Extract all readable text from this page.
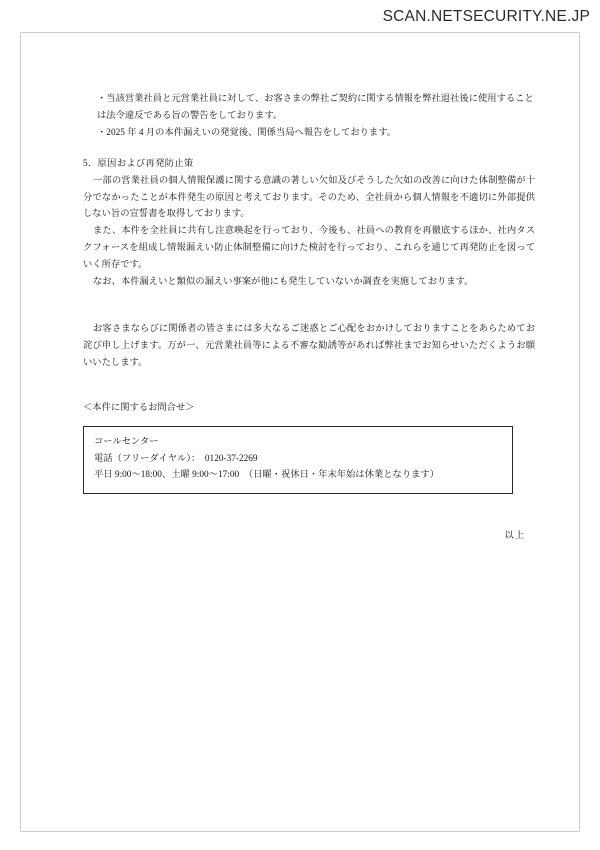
SCAN.NETSECURITY.NE.JP
・当該営業社員と元営業社員に対して、お客さまの弊社ご契約に関する情報を弊社退社後に使用することは法令違反である旨の警告をしております。
・2025 年 4 月の本件漏えいの発覚後、関係当局へ報告をしております。

5．原因および再発防止策

一部の営業社員の個人情報保護に関する意識の著しい欠如及びそうした欠如の改善に向けた体制整備が十分でなかったことが本件発生の原因と考えております。そのため、全社員から個人情報を不適切に外部提供しない旨の宣誓書を取得しております。

また、本件を全社員に共有し注意喚起を行っており、今後も、社員への教育を再徹底するほか、社内タスクフォースを組成し情報漏えい防止体制整備に向けた検討を行っており、これらを通じて再発防止を図っていく所存です。

なお、本件漏えいと類似の漏えい事案が他にも発生していないか調査を実施しております。

お客さまならびに関係者の皆さまには多大なるご迷惑とご心配をおかけしておりますことをあらためてお詫び申し上げます。万が一、元営業社員等による不審な勧誘等があれば弊社までお知らせいただくようお願いいたします。

＜本件に関するお問合せ＞

コールセンター
電話（フリーダイヤル）：　0120-37-2269
平日 9:00～18:00、土曜 9:00～17:00　（日曜・祝休日・年末年始は休業となります）

以上
